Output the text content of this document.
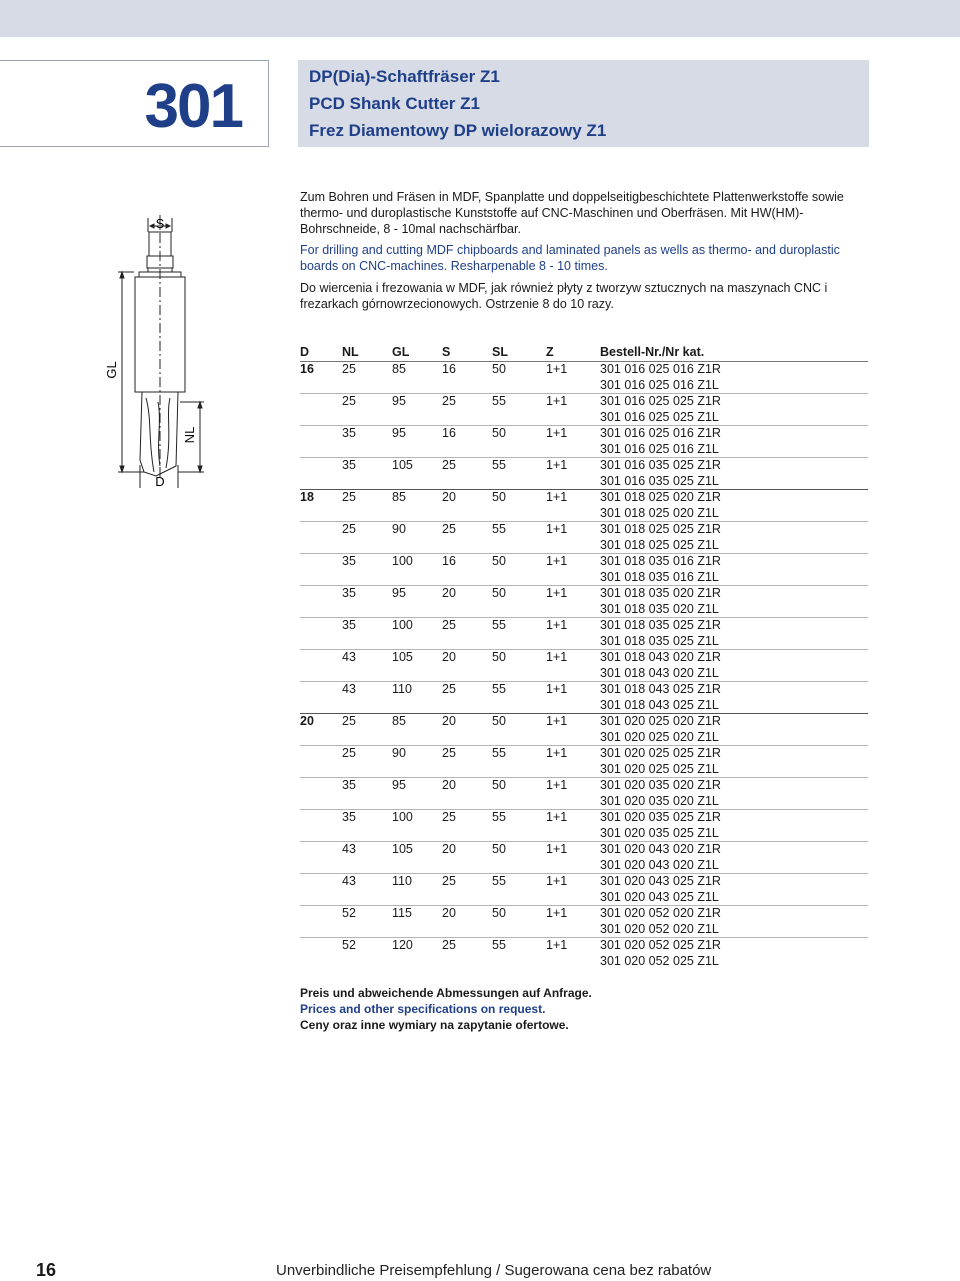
301	DP(Dia)-Schaftfräser Z1
PCD Shank Cutter Z1
Frez Diamentowy DP wielorazowy Z1
Zum Bohren und Fräsen in MDF, Spanplatte und doppelseitigbeschichtete Plattenwerkstoffe sowie thermo- und duroplastische Kunststoffe auf CNC-Maschinen und Oberfräsen. Mit HW(HM)-Bohrschneide, 8 - 10mal nachschärfbar.
For drilling and cutting MDF chipboards and laminated panels as wells as thermo- and duroplastic boards on CNC-machines. Resharpenable 8 - 10 times.
Do wiercenia i frezowania w MDF, jak również płyty z tworzyw sztucznych na maszynach CNC i frezarkach górnowrzecionowych. Ostrzenie 8 do 10 razy.
S
GL
NL
D
D	NL	GL	S	SL	Z	Bestell-Nr./Nr kat.
16	25	85	16	50	1+1	301 016 025 016 Z1R
						301 016 025 016 Z1L
	25	95	25	55	1+1	301 016 025 025 Z1R
						301 016 025 025 Z1L
	35	95	16	50	1+1	301 016 025 016 Z1R
						301 016 025 016 Z1L
	35	105	25	55	1+1	301 016 035 025 Z1R
						301 016 035 025 Z1L
18	25	85	20	50	1+1	301 018 025 020 Z1R
						301 018 025 020 Z1L
	25	90	25	55	1+1	301 018 025 025 Z1R
						301 018 025 025 Z1L
	35	100	16	50	1+1	301 018 035 016 Z1R
						301 018 035 016 Z1L
	35	95	20	50	1+1	301 018 035 020 Z1R
						301 018 035 020 Z1L
	35	100	25	55	1+1	301 018 035 025 Z1R
						301 018 035 025 Z1L
	43	105	20	50	1+1	301 018 043 020 Z1R
						301 018 043 020 Z1L
	43	110	25	55	1+1	301 018 043 025 Z1R
						301 018 043 025 Z1L
20	25	85	20	50	1+1	301 020 025 020 Z1R
						301 020 025 020 Z1L
	25	90	25	55	1+1	301 020 025 025 Z1R
						301 020 025 025 Z1L
	35	95	20	50	1+1	301 020 035 020 Z1R
						301 020 035 020 Z1L
	35	100	25	55	1+1	301 020 035 025 Z1R
						301 020 035 025 Z1L
	43	105	20	50	1+1	301 020 043 020 Z1R
						301 020 043 020 Z1L
	43	110	25	55	1+1	301 020 043 025 Z1R
						301 020 043 025 Z1L
	52	115	20	50	1+1	301 020 052 020 Z1R
						301 020 052 020 Z1L
	52	120	25	55	1+1	301 020 052 025 Z1R
						301 020 052 025 Z1L
Preis und abweichende Abmessungen auf Anfrage.
Prices and other specifications on request.
Ceny oraz inne wymiary na zapytanie ofertowe.
16	Unverbindliche Preisempfehlung / Sugerowana cena bez rabatów
